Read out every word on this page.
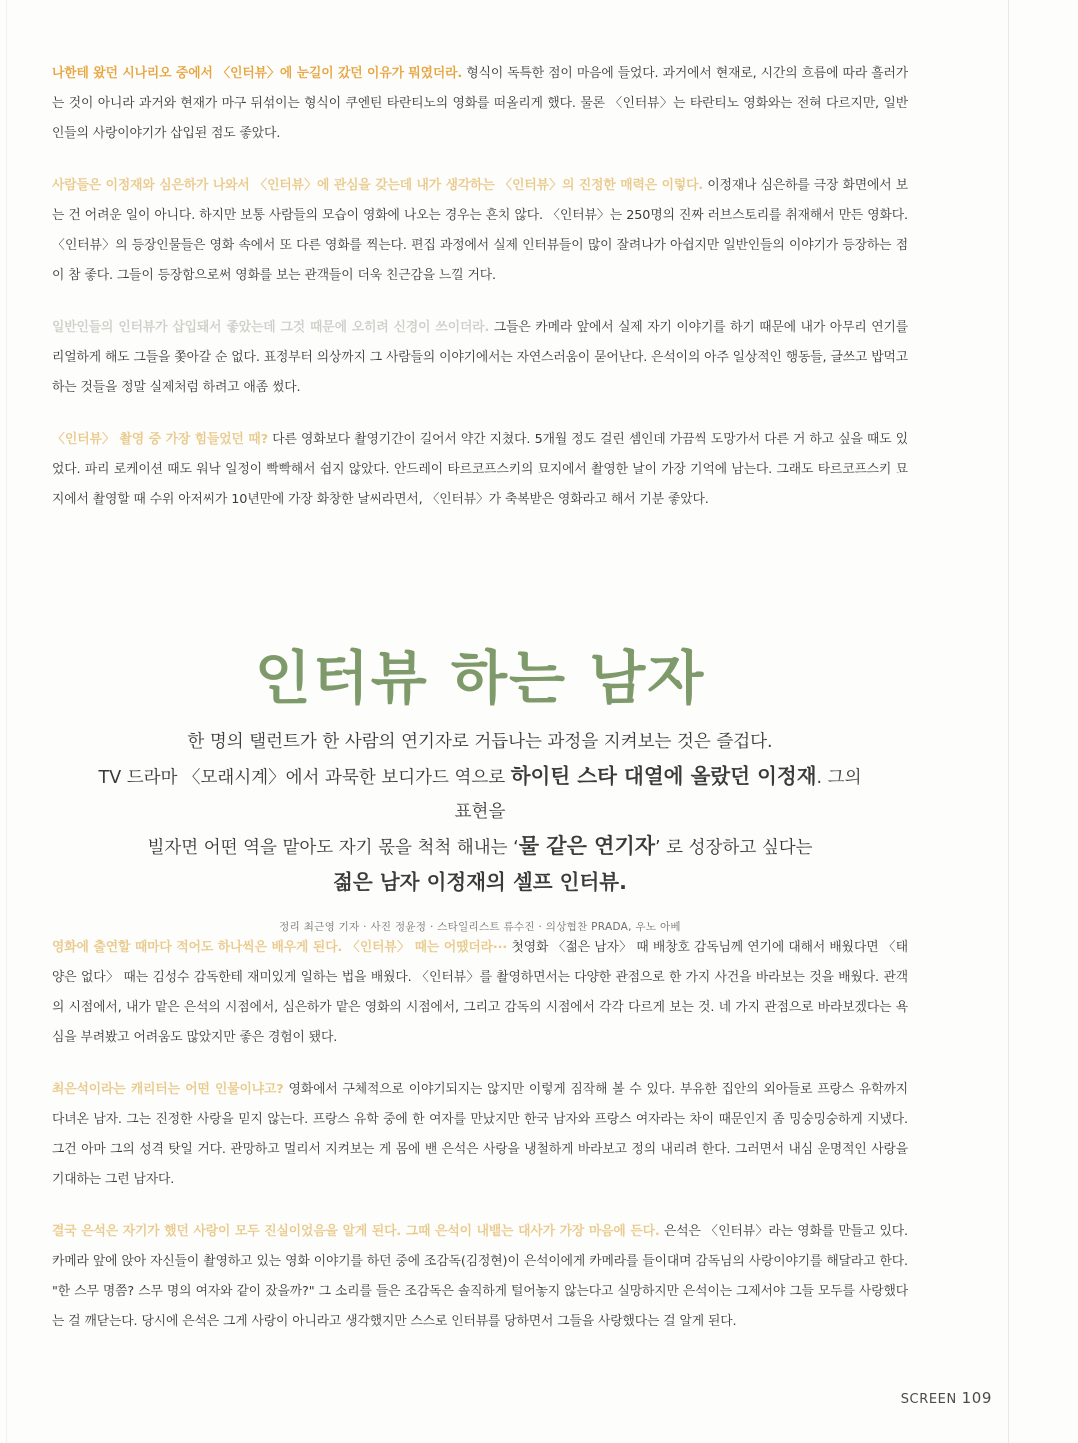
나한테 왔던 시나리오 중에서 〈인터뷰〉에 눈길이 갔던 이유가 뭐였더라. 형식이 독특한 점이 마음에 들었다. 과거에서 현재로, 시간의 흐름에 따라 흘러가는 것이 아니라 과거와 현재가 마구 뒤섞이는 형식이 쿠엔틴 타란티노의 영화를 떠올리게 했다. 물론 〈인터뷰〉는 타란티노 영화와는 전혀 다르지만, 일반인들의 사랑이야기가 삽입된 점도 좋았다.

사람들은 이정재와 심은하가 나와서 〈인터뷰〉에 관심을 갖는데 내가 생각하는 〈인터뷰〉의 진정한 매력은 이렇다. 이정재나 심은하를 극장 화면에서 보는 건 어려운 일이 아니다. 하지만 보통 사람들의 모습이 영화에 나오는 경우는 흔치 않다. 〈인터뷰〉는 250명의 진짜 러브스토리를 취재해서 만든 영화다. 〈인터뷰〉의 등장인물들은 영화 속에서 또 다른 영화를 찍는다. 편집 과정에서 실제 인터뷰들이 많이 잘려나가 아쉽지만 일반인들의 이야기가 등장하는 점이 참 좋다. 그들이 등장함으로써 영화를 보는 관객들이 더욱 친근감을 느낄 거다.

일반인들의 인터뷰가 삽입돼서 좋았는데 그것 때문에 오히려 신경이 쓰이더라. 그들은 카메라 앞에서 실제 자기 이야기를 하기 때문에 내가 아무리 연기를 리얼하게 해도 그들을 쫓아갈 순 없다. 표정부터 의상까지 그 사람들의 이야기에서는 자연스러움이 묻어난다. 은석이의 아주 일상적인 행동들, 글쓰고 밥먹고 하는 것들을 정말 실제처럼 하려고 애좀 썼다.

〈인터뷰〉 촬영 중 가장 힘들었던 때? 다른 영화보다 촬영기간이 길어서 약간 지쳤다. 5개월 정도 걸린 셈인데 가끔씩 도망가서 다른 거 하고 싶을 때도 있었다. 파리 로케이션 때도 워낙 일정이 빡빡해서 쉽지 않았다. 안드레이 타르코프스키의 묘지에서 촬영한 날이 가장 기억에 남는다. 그래도 타르코프스키 묘지에서 촬영할 때 수위 아저씨가 10년만에 가장 화창한 날씨라면서, 〈인터뷰〉가 축복받은 영화라고 해서 기분 좋았다.

인터뷰 하는 남자
한 명의 탤런트가 한 사람의 연기자로 거듭나는 과정을 지켜보는 것은 즐겁다.
TV 드라마 〈모래시계〉에서 과묵한 보디가드 역으로 하이틴 스타 대열에 올랐던 이정재. 그의 표현을
빌자면 어떤 역을 맡아도 자기 몫을 척척 해내는 ‘물 같은 연기자’ 로 성장하고 싶다는
젊은 남자 이정재의 셀프 인터뷰.
정리 최근영 기자 · 사진 정윤정 · 스타일리스트 류수진 · 의상협찬 PRADA, 우노 아베

영화에 출연할 때마다 적어도 하나씩은 배우게 된다. 〈인터뷰〉 때는 어땠더라··· 첫영화 〈젊은 남자〉 때 배창호 감독님께 연기에 대해서 배웠다면 〈태양은 없다〉 때는 김성수 감독한테 재미있게 일하는 법을 배웠다. 〈인터뷰〉를 촬영하면서는 다양한 관점으로 한 가지 사건을 바라보는 것을 배웠다. 관객의 시점에서, 내가 맡은 은석의 시점에서, 심은하가 맡은 영화의 시점에서, 그리고 감독의 시점에서 각각 다르게 보는 것. 네 가지 관점으로 바라보겠다는 욕심을 부려봤고 어려움도 많았지만 좋은 경험이 됐다.

최은석이라는 캐리터는 어떤 인물이냐고? 영화에서 구체적으로 이야기되지는 않지만 이렇게 짐작해 볼 수 있다. 부유한 집안의 외아들로 프랑스 유학까지 다녀온 남자. 그는 진정한 사랑을 믿지 않는다. 프랑스 유학 중에 한 여자를 만났지만 한국 남자와 프랑스 여자라는 차이 때문인지 좀 밍숭밍숭하게 지냈다. 그건 아마 그의 성격 탓일 거다. 관망하고 멀리서 지켜보는 게 몸에 밴 은석은 사랑을 냉철하게 바라보고 정의 내리려 한다. 그러면서 내심 운명적인 사랑을 기대하는 그런 남자다.

결국 은석은 자기가 했던 사랑이 모두 진실이었음을 알게 된다. 그때 은석이 내뱉는 대사가 가장 마음에 든다. 은석은 〈인터뷰〉라는 영화를 만들고 있다. 카메라 앞에 앉아 자신들이 촬영하고 있는 영화 이야기를 하던 중에 조감독(김정현)이 은석이에게 카메라를 들이대며 감독님의 사랑이야기를 해달라고 한다. "한 스무 명쯤? 스무 명의 여자와 같이 잤을까?" 그 소리를 들은 조감독은 솔직하게 털어놓지 않는다고 실망하지만 은석이는 그제서야 그들 모두를 사랑했다는 걸 깨닫는다. 당시에 은석은 그게 사랑이 아니라고 생각했지만 스스로 인터뷰를 당하면서 그들을 사랑했다는 걸 알게 된다.

SCREEN 109
